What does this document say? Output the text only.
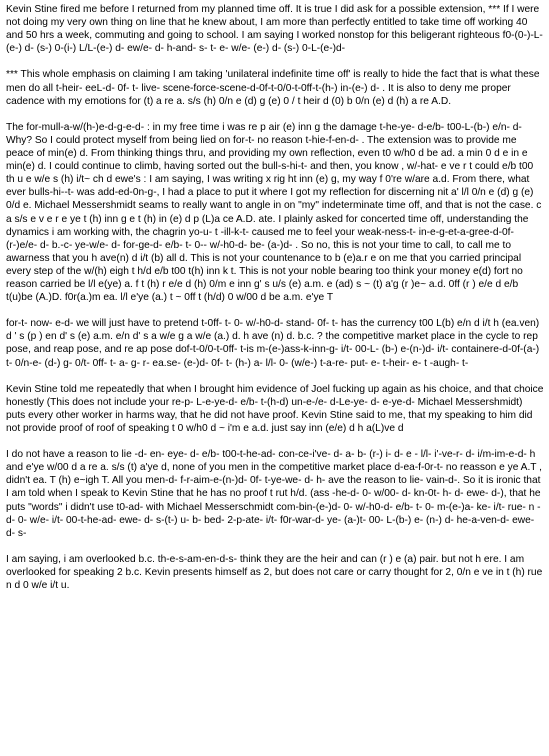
Kevin Stine fired me before I returned from my planned time off. It is true I did ask for a possible extension, *** If I were not doing my very own thing on line that he knew about, I am more than perfectly entitled to take time off working 40 and 50 hrs a week, commuting and going to school. I am saying I worked nonstop for this beligerant righteous f0-(0-)-L-(e-) d- (s-) 0-(i-) L/L-(e-) d- ew/e- d- h-and- s- t- e- w/e- (e-) d- (s-) 0-L-(e-)d-

*** This whole emphasis on claiming I am taking 'unilateral indefinite time off' is really to hide the fact that is what these men do all t-heir- eeL-d- 0f- t- live- scene-force-scene-d-0f-t-0/0-t-0ff-t-(h-) in-(e-) d- . It is also to deny me proper cadence with my emotions for (t) a re a. s/s (h) 0/n e (d) g (e) 0 / t heir d (0) b 0/n (e) d (h) a re A.D.

The for-mull-a-w/(h-)e-d-g-e-d- : in my free time i was re p air (e) inn g the damage t-he-ye- d-e/b- t00-L-(b-) e/n- d- Why? So I could protect myself from being lied on for-t- no reason t-hie-f-en-d- . The extension was to provide me peace of min(e) d. From thinking things thru, and providing my own reflection, even t0 w/h0 d be ad. a min 0 d e in e min(e) d. I could continue to climb, having sorted out the bull-s-hi-t- and then, you know , w/-hat- e ve r t could e/b t00 th u e w/e s (h) i/t~ ch d ewe's : I am saying, I was writing x rig ht inn (e) g, my way f 0're w/are a.d. From there, what ever bulls-hi--t- was add-ed-0n-g-, I had a place to put it where I got my reflection for discerning nit a' l/l 0/n e (d) g (e) 0/d e. Michael Messershmidt seams to really want to angle in on "my" indeterminate time off, and that is not the case. c a s/s e v e r e ye t (h) inn g e t (h) in (e) d p (L)a ce A.D. ate. I plainly asked for concerted time off, understanding the dynamics i am working with, the chagrin yo-u- t -ill-k-t- caused me to feel your weak-ness-t- in-e-g-et-a-gree-d-0f-(r-)e/e- d- b.-c- ye-w/e- d- for-ge-d- e/b- t- 0-- w/-h0-d- be- (a-)d- . So no, this is not your time to call, to call me to awarness that you h ave(n) d i/t (b) all d. This is not your countenance to b (e)a.r e on me that you carried principal every step of the w/(h) eigh t h/d e/b t00 t(h) inn k t. This is not your noble bearing too think your money e(d) fort no reason carried be l/l e(ye) a. f t (h) r e/e d (h) 0/m e inn g' s u/s (e) a.m. e (ad) s ~ (t) a'g (r )e~ a.d. 0ff (r ) e/e d e/b t(u)be (A.)D. f0r(a.)m ea. l/l e'ye (a.) t ~ 0ff t (h/d) 0 w/00 d be a.m. e'ye T

for-t- now- e-d- we will just have to pretend t-0ff- t- 0- w/-h0-d- stand- 0f- t- has the currency t00 L(b) e/n d i/t h (ea.ven) d ' s (p ) en d' s (e) a.m. e/n d' s a w/e g a w/e (a.) d. h ave (n) d. b.c. ? the competitive market place in the cycle to rep pose, and reap pose, and re ap pose dof-t-0/0-t-0ff- t-is m-(e-)ass-k-inn-g- i/t- 00-L- (b-) e-(n-)d- i/t- containere-d-0f-(a-) t- 0/n-e- (d-) g- 0/t- 0ff- t- a- g- r- ea.se- (e-)d- 0f- t- (h-) a- l/l- 0- (w/e-) t-a-re- put- e- t-heir- e- t -augh- t-

Kevin Stine told me repeatedly that when I brought him evidence of Joel fucking up again as his choice, and that choice honestly (This does not include your re-p- L-e-ye-d- e/b- t-(h-d) un-e-/e- d-Le-ye- d- e-ye-d- Michael Messershmidt) puts every other worker in harms way, that he did not have proof. Kevin Stine said to me, that my speaking to him did not provide proof of roof of speaking t 0 w/h0 d ~ i'm e a.d. just say inn (e/e) d h a(L)ve d

I do not have a reason to lie -d- en- eye- d- e/b- t00-t-he-ad- con-ce-i've- d- a- b- (r-) i- d- e - l/l- i'-ve-r- d- i/m-im-e-d- h and e'ye w/00 d a re a. s/s (t) a'ye d, none of you men in the competitive market place d-ea-f-0r-t- no reasson e ye A.T , didn't ea. T (h) e~igh T. All you men-d- f-r-aim-e-(n-)d- 0f- t-ye-we- d- h- ave the reason to lie- vain-d-. So it is ironic that I am told when I speak to Kevin Stine that he has no proof t rut h/d. (ass -he-d- 0- w/00- d- kn-0t- h- d- ewe- d-), that he puts "words" i didn't use t0-ad- with Michael Messerschmidt com-bin-(e-)d- 0- w/-h0-d- e/b- t- 0- m-(e-)a- ke- i/t- rue- n - d- 0- w/e- i/t- 00-t-he-ad- ewe- d- s-(t-) u- b- bed- 2-p-ate- i/t- f0r-war-d- ye- (a-)t- 00- L-(b-) e- (n-) d- he-a-ven-d- ewe- d- s-

I am saying, i am overlooked b.c. th-e-s-am-en-d-s- think they are the heir and can (r ) e (a) pair. but not h ere. I am overlooked for speaking 2 b.c. Kevin presents himself as 2, but does not care or carry thought for 2, 0/n e ve in t (h) rue n d 0 w/e i/t u.
